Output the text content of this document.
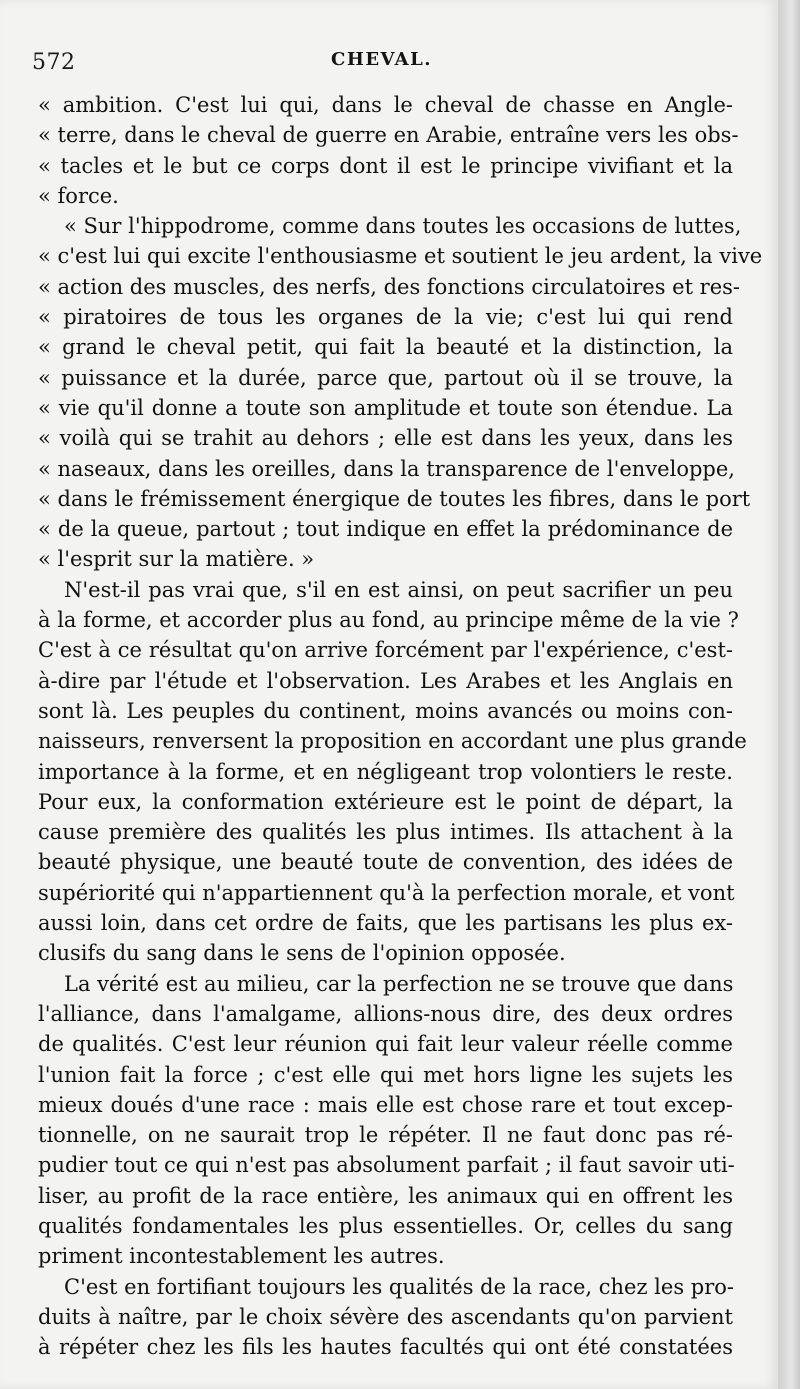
572	CHEVAL.
« ambition. C'est lui qui, dans le cheval de chasse en Angle-
« terre, dans le cheval de guerre en Arabie, entraîne vers les obs-
« tacles et le but ce corps dont il est le principe vivifiant et la
« force.
« Sur l'hippodrome, comme dans toutes les occasions de luttes,
« c'est lui qui excite l'enthousiasme et soutient le jeu ardent, la vive
« action des muscles, des nerfs, des fonctions circulatoires et res-
« piratoires de tous les organes de la vie; c'est lui qui rend
« grand le cheval petit, qui fait la beauté et la distinction, la
« puissance et la durée, parce que, partout où il se trouve, la
« vie qu'il donne a toute son amplitude et toute son étendue. La
« voilà qui se trahit au dehors ; elle est dans les yeux, dans les
« naseaux, dans les oreilles, dans la transparence de l'enveloppe,
« dans le frémissement énergique de toutes les fibres, dans le port
« de la queue, partout ; tout indique en effet la prédominance de
« l'esprit sur la matière. »
N'est-il pas vrai que, s'il en est ainsi, on peut sacrifier un peu
à la forme, et accorder plus au fond, au principe même de la vie ?
C'est à ce résultat qu'on arrive forcément par l'expérience, c'est-
à-dire par l'étude et l'observation. Les Arabes et les Anglais en
sont là. Les peuples du continent, moins avancés ou moins con-
naisseurs, renversent la proposition en accordant une plus grande
importance à la forme, et en négligeant trop volontiers le reste.
Pour eux, la conformation extérieure est le point de départ, la
cause première des qualités les plus intimes. Ils attachent à la
beauté physique, une beauté toute de convention, des idées de
supériorité qui n'appartiennent qu'à la perfection morale, et vont
aussi loin, dans cet ordre de faits, que les partisans les plus ex-
clusifs du sang dans le sens de l'opinion opposée.
La vérité est au milieu, car la perfection ne se trouve que dans
l'alliance, dans l'amalgame, allions-nous dire, des deux ordres
de qualités. C'est leur réunion qui fait leur valeur réelle comme
l'union fait la force ; c'est elle qui met hors ligne les sujets les
mieux doués d'une race : mais elle est chose rare et tout excep-
tionnelle, on ne saurait trop le répéter. Il ne faut donc pas ré-
pudier tout ce qui n'est pas absolument parfait ; il faut savoir uti-
liser, au profit de la race entière, les animaux qui en offrent les
qualités fondamentales les plus essentielles. Or, celles du sang
priment incontestablement les autres.
C'est en fortifiant toujours les qualités de la race, chez les pro-
duits à naître, par le choix sévère des ascendants qu'on parvient
à répéter chez les fils les hautes facultés qui ont été constatées
